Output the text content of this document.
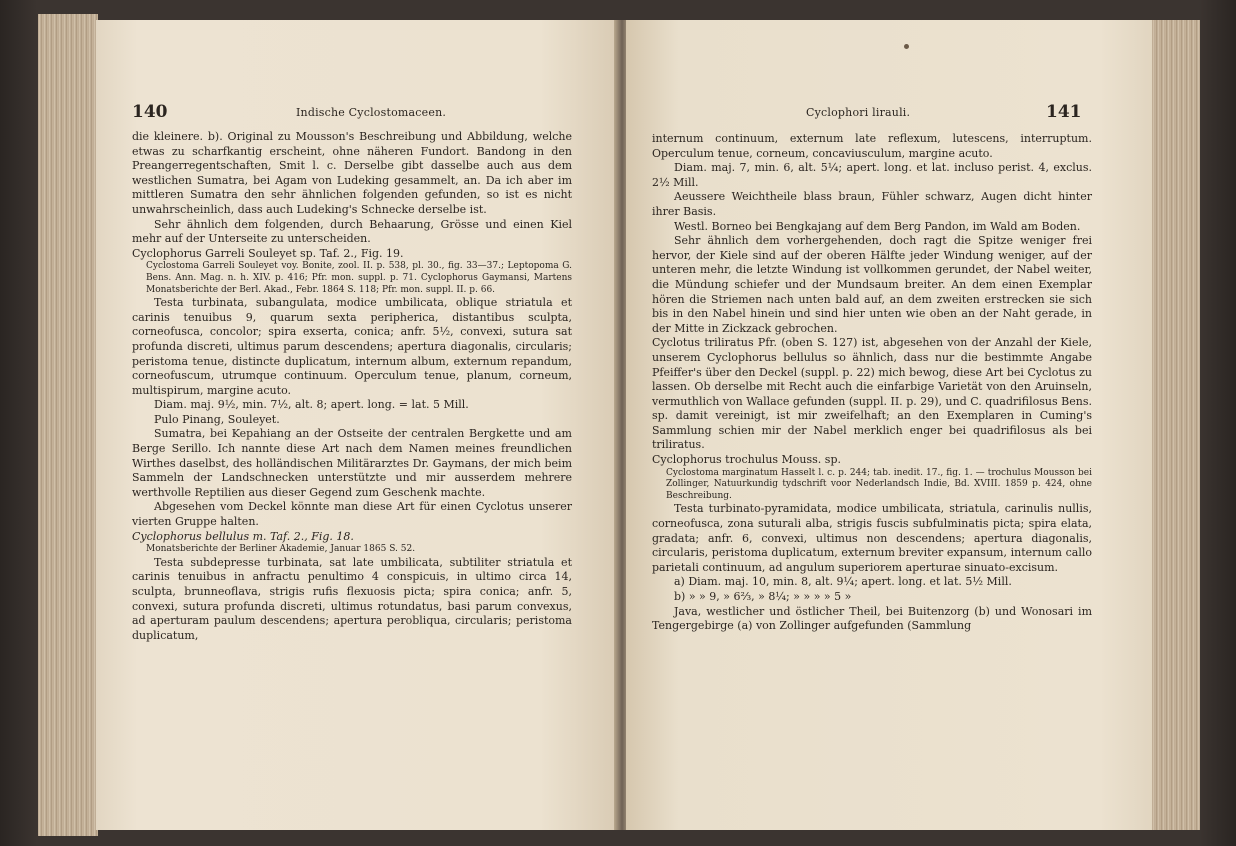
140	Indische Cyclostomaceen.

die kleinere. b). Original zu Mousson's Beschreibung und Abbildung, welche etwas zu scharfkantig erscheint, ohne näheren Fundort. Bandong in den Preangerregentschaften, Smit l. c. Derselbe gibt dasselbe auch aus dem westlichen Sumatra, bei Agam von Ludeking gesammelt, an. Da ich aber im mittleren Sumatra den sehr ähnlichen folgenden gefunden, so ist es nicht unwahrscheinlich, dass auch Ludeking's Schnecke derselbe ist.

Sehr ähnlich dem folgenden, durch Behaarung, Grösse und einen Kiel mehr auf der Unterseite zu unterscheiden.

Cyclophorus Garreli Souleyet sp. Taf. 2., Fig. 19.

Cyclostoma Garreli Souleyet voy. Bonite, zool. II. p. 538, pl. 30., fig. 33—37.; Leptopoma G. Bens. Ann. Mag. n. h. XIV. p. 416; Pfr. mon. suppl. p. 71. Cyclophorus Gaymansi, Martens Monatsberichte der Berl. Akad., Febr. 1864 S. 118; Pfr. mon. suppl. II. p. 66.

Testa turbinata, subangulata, modice umbilicata, oblique striatula et carinis tenuibus 9, quarum sexta peripherica, distantibus sculpta, corneofusca, concolor; spira exserta, conica; anfr. 5½, convexi, sutura sat profunda discreti, ultimus parum descendens; apertura diagonalis, circularis; peristoma tenue, distincte duplicatum, internum album, externum repandum, corneofuscum, utrumque continuum. Operculum tenue, planum, corneum, multispirum, margine acuto.

Diam. maj. 9½, min. 7½, alt. 8; apert. long. = lat. 5 Mill.

Pulo Pinang, Souleyet.

Sumatra, bei Kepahiang an der Ostseite der centralen Bergkette und am Berge Serillo. Ich nannte diese Art nach dem Namen meines freundlichen Wirthes daselbst, des holländischen Militärarztes Dr. Gaymans, der mich beim Sammeln der Landschnecken unterstützte und mir ausserdem mehrere werthvolle Reptilien aus dieser Gegend zum Geschenk machte.

Abgesehen vom Deckel könnte man diese Art für einen Cyclotus unserer vierten Gruppe halten.

Cyclophorus bellulus m. Taf. 2., Fig. 18.

Monatsberichte der Berliner Akademie, Januar 1865 S. 52.

Testa subdepresse turbinata, sat late umbilicata, subtiliter striatula et carinis tenuibus in anfractu penultimo 4 conspicuis, in ultimo circa 14, sculpta, brunneoflava, strigis rufis flexuosis picta; spira conica; anfr. 5, convexi, sutura profunda discreti, ultimus rotundatus, basi parum convexus, ad aperturam paulum descendens; apertura perobliqua, circularis; peristoma duplicatum,

Cyclophori lirauli.	141

internum continuum, externum late reflexum, lutescens, interruptum. Operculum tenue, corneum, concaviusculum, margine acuto.

Diam. maj. 7, min. 6, alt. 5¼; apert. long. et lat. incluso perist. 4, exclus. 2½ Mill.

Aeussere Weichtheile blass braun, Fühler schwarz, Augen dicht hinter ihrer Basis.

Westl. Borneo bei Bengkajang auf dem Berg Pandon, im Wald am Boden.

Sehr ähnlich dem vorhergehenden, doch ragt die Spitze weniger frei hervor, der Kiele sind auf der oberen Hälfte jeder Windung weniger, auf der unteren mehr, die letzte Windung ist vollkommen gerundet, der Nabel weiter, die Mündung schiefer und der Mundsaum breiter. An dem einen Exemplar hören die Striemen nach unten bald auf, an dem zweiten erstrecken sie sich bis in den Nabel hinein und sind hier unten wie oben an der Naht gerade, in der Mitte in Zickzack gebrochen.

Cyclotus triliratus Pfr. (oben S. 127) ist, abgesehen von der Anzahl der Kiele, unserem Cyclophorus bellulus so ähnlich, dass nur die bestimmte Angabe Pfeiffer's über den Deckel (suppl. p. 22) mich bewog, diese Art bei Cyclotus zu lassen. Ob derselbe mit Recht auch die einfarbige Varietät von den Aruinseln, vermuthlich von Wallace gefunden (suppl. II. p. 29), und C. quadrifilosus Bens. sp. damit vereinigt, ist mir zweifelhaft; an den Exemplaren in Cuming's Sammlung schien mir der Nabel merklich enger bei quadrifilosus als bei triliratus.

Cyclophorus trochulus Mouss. sp.

Cyclostoma marginatum Hasselt l. c. p. 244; tab. inedit. 17., fig. 1. — trochulus Mousson bei Zollinger, Natuurkundig tydschrift voor Nederlandsch Indie, Bd. XVIII. 1859 p. 424, ohne Beschreibung.

Testa turbinato-pyramidata, modice umbilicata, striatula, carinulis nullis, corneofusca, zona suturali alba, strigis fuscis subfulminatis picta; spira elata, gradata; anfr. 6, convexi, ultimus non descendens; apertura diagonalis, circularis, peristoma duplicatum, externum breviter expansum, internum callo parietali continuum, ad angulum superiorem aperturae sinuato-excisum.

a) Diam. maj. 10, min. 8, alt. 9¼; apert. long. et lat. 5½ Mill.

b) » » 9, » 6⅔, » 8¼; » » » » 5 »

Java, westlicher und östlicher Theil, bei Buitenzorg (b) und Wonosari im Tengergebirge (a) von Zollinger aufgefunden (Sammlung
